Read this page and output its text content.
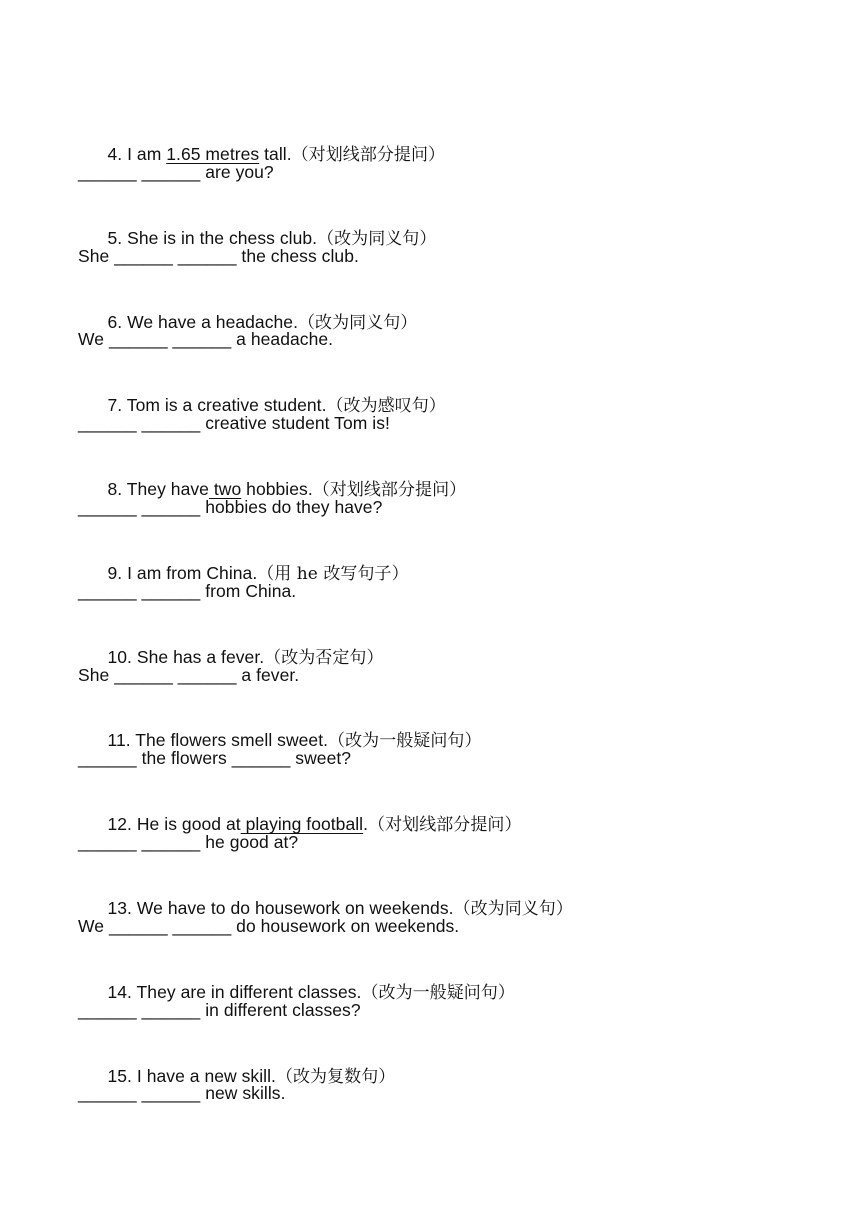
4. I am 1.65 metres tall.（对划线部分提问）

______ ______ are you?

5. She is in the chess club.（改为同义句）

She ______ ______ the chess club.

6. We have a headache.（改为同义句）

We ______ ______ a headache.

7. Tom is a creative student.（改为感叹句）

______ ______ creative student Tom is!

8. They have two hobbies.（对划线部分提问）

______ ______ hobbies do they have?

9. I am from China.（用 he 改写句子）

______ ______ from China.

10. She has a fever.（改为否定句）

She ______ ______ a fever.

11. The flowers smell sweet.（改为一般疑问句）

______ the flowers ______ sweet?

12. He is good at playing football.（对划线部分提问）

______ ______ he good at?

13. We have to do housework on weekends.（改为同义句）

We ______ ______ do housework on weekends.

14. They are in different classes.（改为一般疑问句）

______ ______ in different classes?

15. I have a new skill.（改为复数句）

______ ______ new skills.
